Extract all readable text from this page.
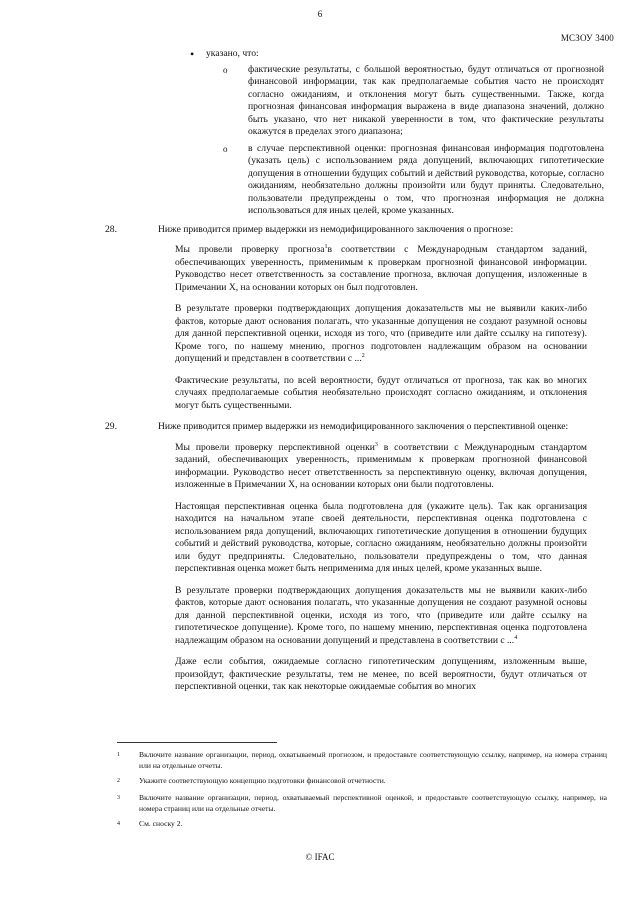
6
МСЗОУ 3400

• указано, что:

o фактические результаты, с большой вероятностью, будут отличаться от прогнозной финансовой информации, так как предполагаемые события часто не происходят согласно ожиданиям, и отклонения могут быть существенными. Также, когда прогнозная финансовая информация выражена в виде диапазона значений, должно быть указано, что нет никакой уверенности в том, что фактические результаты окажутся в пределах этого диапазона;

o в случае перспективной оценки: прогнозная финансовая информация подготовлена (указать цель) с использованием ряда допущений, включающих гипотетические допущения в отношении будущих событий и действий руководства, которые, согласно ожиданиям, необязательно должны произойти или будут приняты. Следовательно, пользователи предупреждены о том, что прогнозная информация не должна использоваться для иных целей, кроме указанных.

28.	Ниже приводится пример выдержки из немодифицированного заключения о прогнозе:

Мы провели проверку прогноза$^1$в соответствии с Международным стандартом заданий, обеспечивающих уверенность, применимым к проверкам прогнозной финансовой информации. Руководство несет ответственность за составление прогноза, включая допущения, изложенные в Примечании X, на основании которых он был подготовлен.

В результате проверки подтверждающих допущения доказательств мы не выявили каких-либо фактов, которые дают основания полагать, что указанные допущения не создают разумной основы для данной перспективной оценки, исходя из того, что (приведите или дайте ссылку на гипотезу). Кроме того, по нашему мнению, прогноз подготовлен надлежащим образом на основании допущений и представлен в соответствии с ...$^2$

Фактические результаты, по всей вероятности, будут отличаться от прогноза, так как во многих случаях предполагаемые события необязательно происходят согласно ожиданиям, и отклонения могут быть существенными.

29.	Ниже приводится пример выдержки из немодифицированного заключения о перспективной оценке:

Мы провели проверку перспективной оценки$^3$ в соответствии с Международным стандартом заданий, обеспечивающих уверенность, применимым к проверкам прогнозной финансовой информации. Руководство несет ответственность за перспективную оценку, включая допущения, изложенные в Примечании X, на основании которых они были подготовлены.

Настоящая перспективная оценка была подготовлена для (укажите цель). Так как организация находится на начальном этапе своей деятельности, перспективная оценка подготовлена с использованием ряда допущений, включающих гипотетические допущения в отношении будущих событий и действий руководства, которые, согласно ожиданиям, необязательно должны произойти или будут предприняты. Следовательно, пользователи предупреждены о том, что данная перспективная оценка может быть неприменима для иных целей, кроме указанных выше.

В результате проверки подтверждающих допущения доказательств мы не выявили каких-либо фактов, которые дают основания полагать, что указанные допущения не создают разумной основы для данной перспективной оценки, исходя из того, что (приведите или дайте ссылку на гипотетическое допущение). Кроме того, по нашему мнению, перспективная оценка подготовлена надлежащим образом на основании допущений и представлена в соответствии с ...$^4$

Даже если события, ожидаемые согласно гипотетическим допущениям, изложенным выше, произойдут, фактические результаты, тем не менее, по всей вероятности, будут отличаться от перспективной оценки, так как некоторые ожидаемые события во многих

1	Включите название организации, период, охватываемый прогнозом, и предоставьте соответствующую ссылку, например, на номера страниц или на отдельные отчеты.
2	Укажите соответствующую концепцию подготовки финансовой отчетности.
3	Включите название организации, период, охватываемый перспективной оценкой, и предоставьте соответствующую ссылку, например, на номера страниц или на отдельные отчеты.
4	См. сноску 2.
© IFAC
